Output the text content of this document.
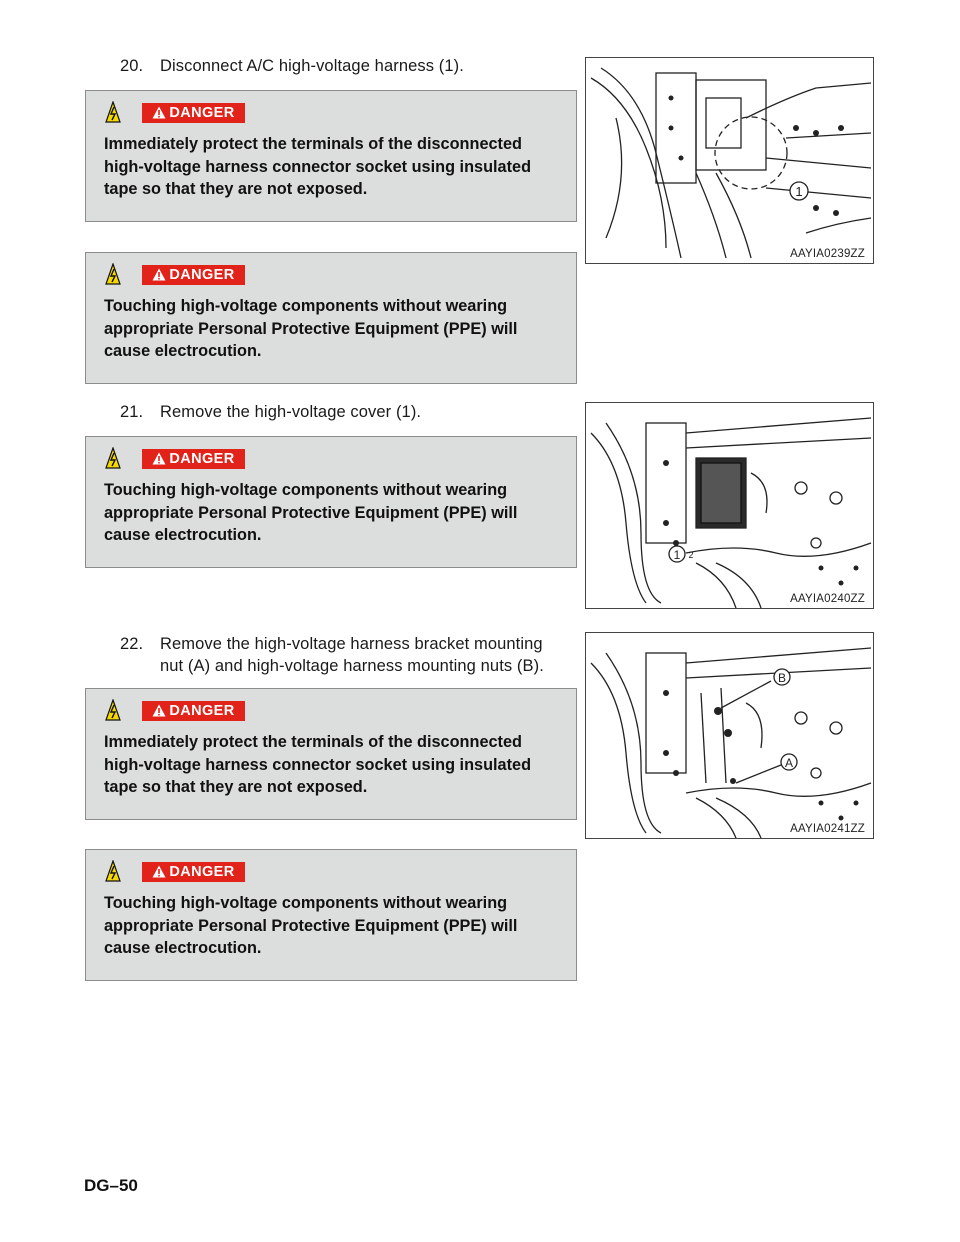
20.	Disconnect A/C high-voltage harness (1).
DANGER
Immediately protect the terminals of the disconnected high-voltage harness connector socket using insulated tape so that they are not exposed.
DANGER
Touching high-voltage components without wearing appropriate Personal Protective Equipment (PPE) will cause electrocution.
1
AAYIA0239ZZ
21.	Remove the high-voltage cover (1).
DANGER
Touching high-voltage components without wearing appropriate Personal Protective Equipment (PPE) will cause electrocution.
1 2
AAYIA0240ZZ
22.	Remove the high-voltage harness bracket mounting nut (A) and high-voltage harness mounting nuts (B).
DANGER
Immediately protect the terminals of the disconnected high-voltage harness connector socket using insulated tape so that they are not exposed.
B
A
AAYIA0241ZZ
DANGER
Touching high-voltage components without wearing appropriate Personal Protective Equipment (PPE) will cause electrocution.
DG–50
